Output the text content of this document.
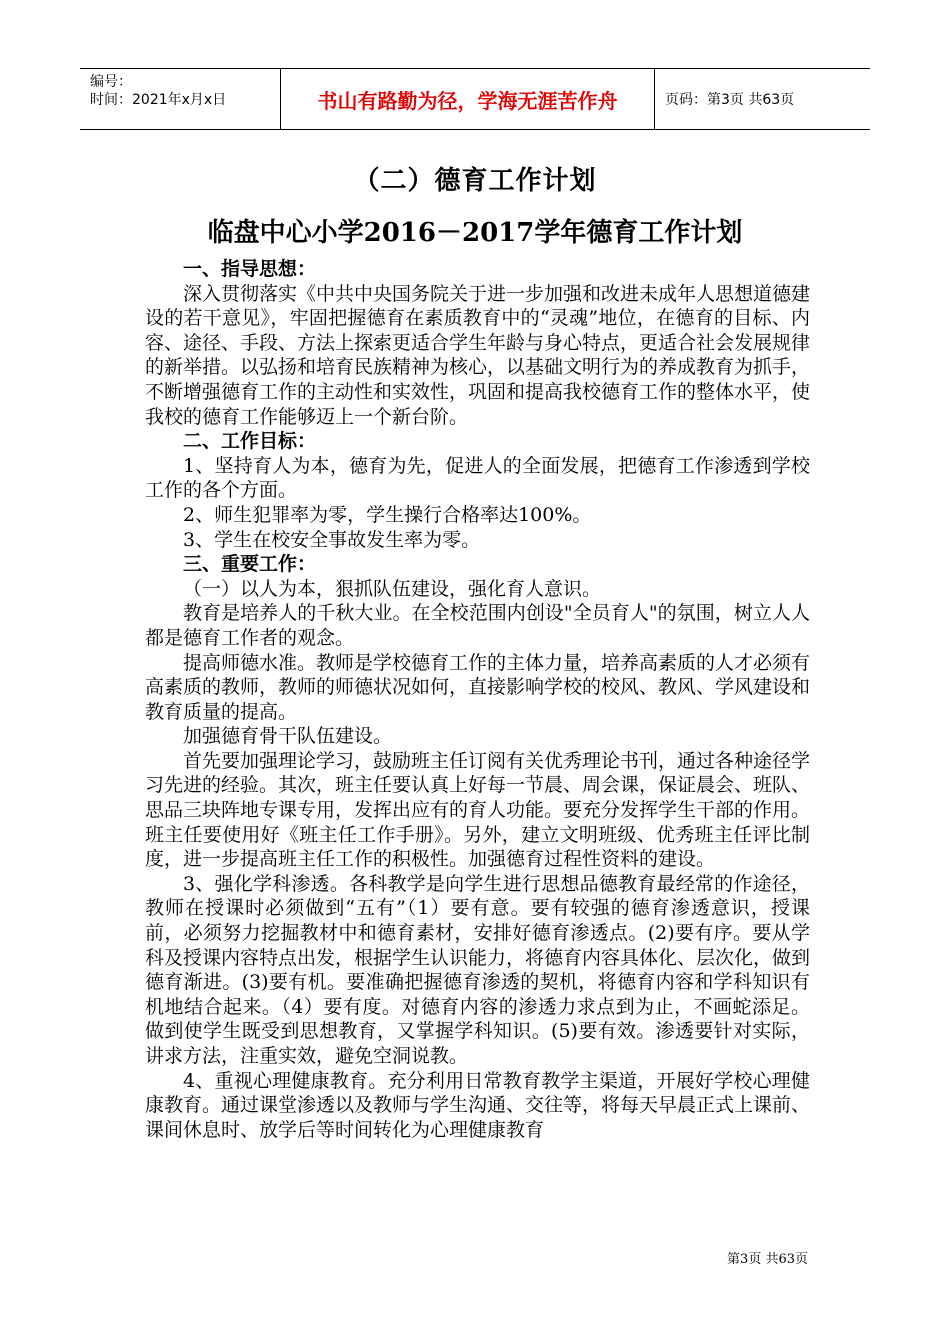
编号：
时间：2021年x月x日	书山有路勤为径，学海无涯苦作舟	页码：第3页 共63页
（二）德育工作计划
临盘中心小学2016－2017学年德育工作计划

一、指导思想：

深入贯彻落实《中共中央国务院关于进一步加强和改进未成年人思想道德建设的若干意见》，牢固把握德育在素质教育中的“灵魂”地位，在德育的目标、内容、途径、手段、方法上探索更适合学生年龄与身心特点，更适合社会发展规律的新举措。以弘扬和培育民族精神为核心，以基础文明行为的养成教育为抓手，不断增强德育工作的主动性和实效性，巩固和提高我校德育工作的整体水平，使我校的德育工作能够迈上一个新台阶。

二、工作目标：

1、坚持育人为本，德育为先，促进人的全面发展，把德育工作渗透到学校工作的各个方面。

2、师生犯罪率为零，学生操行合格率达100%。

3、学生在校安全事故发生率为零。

三、重要工作：

（一）以人为本，狠抓队伍建设，强化育人意识。

教育是培养人的千秋大业。在全校范围内创设"全员育人"的氛围，树立人人都是德育工作者的观念。

提高师德水准。教师是学校德育工作的主体力量，培养高素质的人才必须有高素质的教师，教师的师德状况如何，直接影响学校的校风、教风、学风建设和教育质量的提高。

加强德育骨干队伍建设。

首先要加强理论学习，鼓励班主任订阅有关优秀理论书刊，通过各种途径学习先进的经验。其次，班主任要认真上好每一节晨、周会课，保证晨会、班队、思品三块阵地专课专用，发挥出应有的育人功能。要充分发挥学生干部的作用。班主任要使用好《班主任工作手册》。另外，建立文明班级、优秀班主任评比制度，进一步提高班主任工作的积极性。加强德育过程性资料的建设。

3、强化学科渗透。各科教学是向学生进行思想品德教育最经常的作途径，教师在授课时必须做到“五有”（1）要有意。要有较强的德育渗透意识，授课前，必须努力挖掘教材中和德育素材，安排好德育渗透点。(2)要有序。要从学科及授课内容特点出发，根据学生认识能力，将德育内容具体化、层次化，做到德育渐进。(3)要有机。要准确把握德育渗透的契机，将德育内容和学科知识有机地结合起来。（4）要有度。对德育内容的渗透力求点到为止，不画蛇添足。做到使学生既受到思想教育，又掌握学科知识。(5)要有效。渗透要针对实际，讲求方法，注重实效，避免空洞说教。

4、重视心理健康教育。充分利用日常教育教学主渠道，开展好学校心理健康教育。通过课堂渗透以及教师与学生沟通、交往等，将每天早晨正式上课前、课间休息时、放学后等时间转化为心理健康教育

第3页 共63页
